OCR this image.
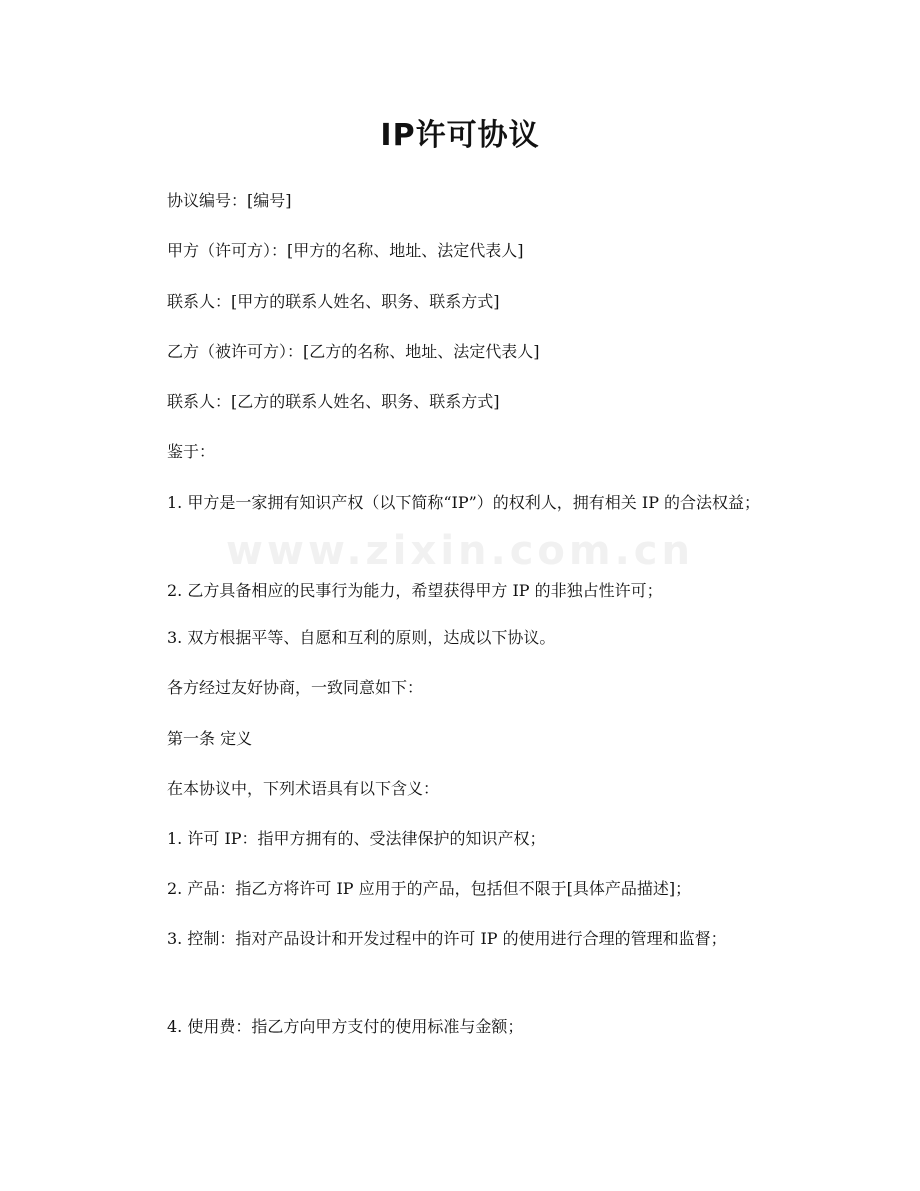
www.zixin.com.cn
IP许可协议

协议编号：[编号]

甲方（许可方）：[甲方的名称、地址、法定代表人]

联系人：[甲方的联系人姓名、职务、联系方式]

乙方（被许可方）：[乙方的名称、地址、法定代表人]

联系人：[乙方的联系人姓名、职务、联系方式]

鉴于：

1. 甲方是一家拥有知识产权（以下简称“IP”）的权利人，拥有相关 IP 的合法权益；

2. 乙方具备相应的民事行为能力，希望获得甲方 IP 的非独占性许可；

3. 双方根据平等、自愿和互利的原则，达成以下协议。

各方经过友好协商，一致同意如下：

第一条 定义

在本协议中，下列术语具有以下含义：

1. 许可 IP：指甲方拥有的、受法律保护的知识产权；

2. 产品：指乙方将许可 IP 应用于的产品，包括但不限于[具体产品描述]；

3. 控制：指对产品设计和开发过程中的许可 IP 的使用进行合理的管理和监督；

4. 使用费：指乙方向甲方支付的使用标准与金额；
